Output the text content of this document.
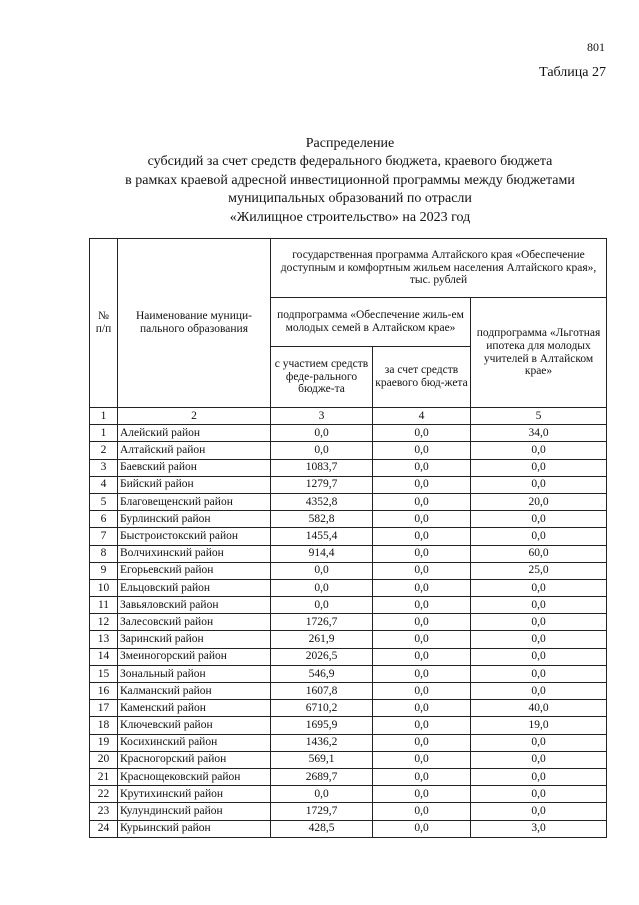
801
Таблица 27
Распределение
субсидий за счет средств федерального бюджета, краевого бюджета
в рамках краевой адресной инвестиционной программы между бюджетами
муниципальных образований по отрасли
«Жилищное строительство» на 2023 год
№ п/п	Наименование муници-пального образования	государственная программа Алтайского края «Обеспечение доступным и комфортным жильем населения Алтайского края», тыс. рублей		
		подпрограмма «Обеспечение жиль-ем молодых семей в Алтайском крае»		подпрограмма «Льготная ипотека для молодых учителей в Алтайском крае»
		с участием средств феде-рального бюдже-та	за счет средств краевого бюд-жета	
1	2	3	4	5
1	Алейский район	0,0	0,0	34,0
2	Алтайский район	0,0	0,0	0,0
3	Баевский район	1083,7	0,0	0,0
4	Бийский район	1279,7	0,0	0,0
5	Благовещенский район	4352,8	0,0	20,0
6	Бурлинский район	582,8	0,0	0,0
7	Быстроистокский район	1455,4	0,0	0,0
8	Волчихинский район	914,4	0,0	60,0
9	Егорьевский район	0,0	0,0	25,0
10	Ельцовский район	0,0	0,0	0,0
11	Завьяловский район	0,0	0,0	0,0
12	Залесовский район	1726,7	0,0	0,0
13	Заринский район	261,9	0,0	0,0
14	Змеиногорский район	2026,5	0,0	0,0
15	Зональный район	546,9	0,0	0,0
16	Калманский район	1607,8	0,0	0,0
17	Каменский район	6710,2	0,0	40,0
18	Ключевский район	1695,9	0,0	19,0
19	Косихинский район	1436,2	0,0	0,0
20	Красногорский район	569,1	0,0	0,0
21	Краснощековский район	2689,7	0,0	0,0
22	Крутихинский район	0,0	0,0	0,0
23	Кулундинский район	1729,7	0,0	0,0
24	Курьинский район	428,5	0,0	3,0
